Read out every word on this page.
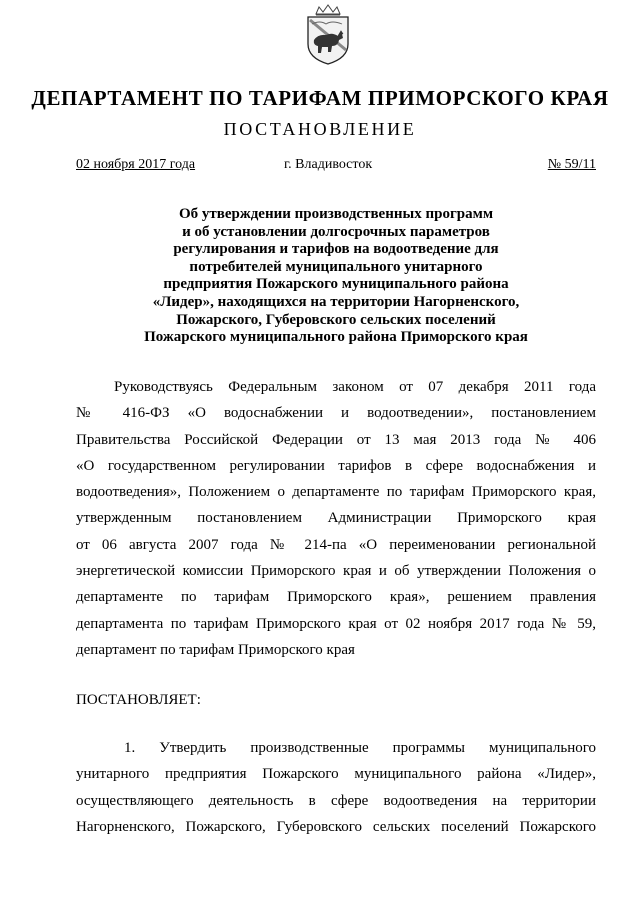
ДЕПАРТАМЕНТ ПО ТАРИФАМ ПРИМОРСКОГО КРАЯ
ПОСТАНОВЛЕНИЕ
02 ноября 2017 года	г. Владивосток	№ 59/11
Об утверждении производственных программ
и об установлении долгосрочных параметров
регулирования и тарифов на водоотведение для
потребителей муниципального унитарного
предприятия Пожарского муниципального района
«Лидер», находящихся на территории Нагорненского,
Пожарского, Губеровского сельских поселений
Пожарского муниципального района Приморского края
Руководствуясь Федеральным законом от 07 декабря 2011 года
№ 416-ФЗ «О водоснабжении и водоотведении», постановлением
Правительства Российской Федерации от 13 мая 2013 года № 406
«О государственном регулировании тарифов в сфере водоснабжения и
водоотведения», Положением о департаменте по тарифам Приморского края,
утвержденным постановлением Администрации Приморского края
от 06 августа 2007 года № 214-па «О переименовании региональной
энергетической комиссии Приморского края и об утверждении Положения о
департаменте по тарифам Приморского края», решением правления
департамента по тарифам Приморского края от 02 ноября 2017 года № 59,
департамент по тарифам Приморского края
ПОСТАНОВЛЯЕТ:
1. Утвердить производственные программы муниципального
унитарного предприятия Пожарского муниципального района «Лидер»,
осуществляющего деятельность в сфере водоотведения на территории
Нагорненского, Пожарского, Губеровского сельских поселений Пожарского
